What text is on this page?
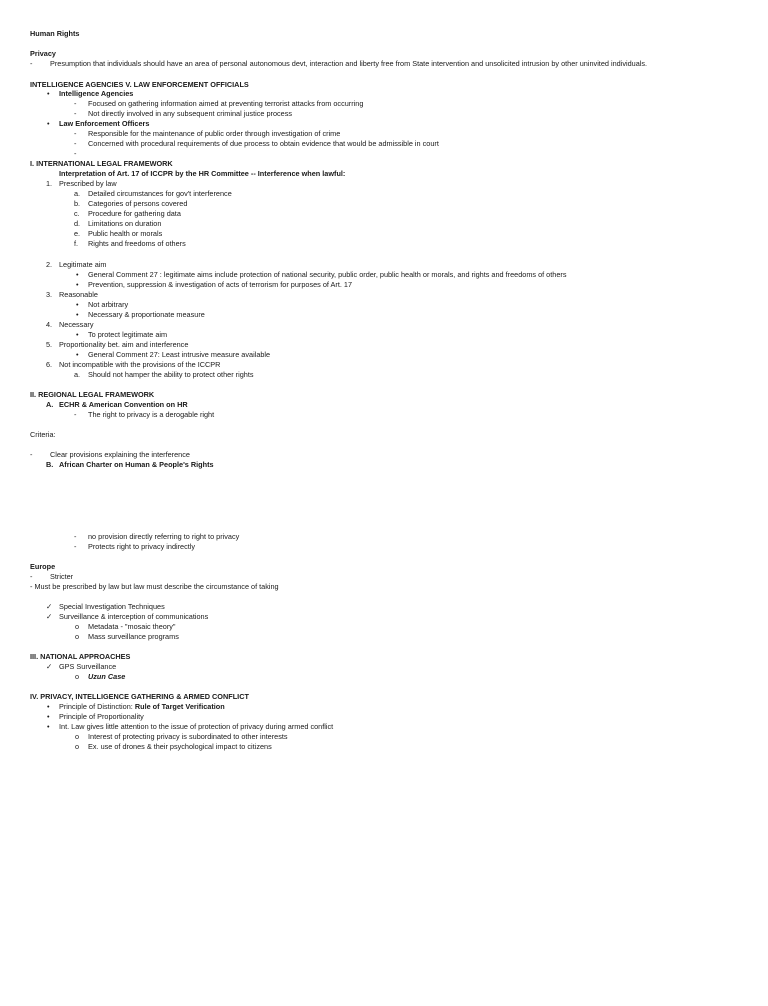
Human Rights
Privacy
- Presumption that individuals should have an area of personal autonomous devt, interaction and liberty free from State intervention and unsolicited intrusion by other uninvited individuals.
INTELLIGENCE AGENCIES V. LAW ENFORCEMENT OFFICIALS
• Intelligence Agencies
- Focused on gathering information aimed at preventing terrorist attacks from occurring
- Not directly involved in any subsequent criminal justice process
• Law Enforcement Officers
- Responsible for the maintenance of public order through investigation of crime
- Concerned with procedural requirements of due process to obtain evidence that would be admissible in court
-
I. INTERNATIONAL LEGAL FRAMEWORK
Interpretation of Art. 17 of ICCPR by the HR Committee -- Interference when lawful:
1. Prescribed by law
a. Detailed circumstances for gov't interference
b. Categories of persons covered
c. Procedure for gathering data
d. Limitations on duration
e. Public health or morals
f. Rights and freedoms of others
2. Legitimate aim
• General Comment 27 : legitimate aims include protection of national security, public order, public health or morals, and rights and freedoms of others
• Prevention, suppression & investigation of acts of terrorism for purposes of Art. 17
3. Reasonable
• Not arbitrary
• Necessary & proportionate measure
4. Necessary
• To protect legitimate aim
5. Proportionality bet. aim and interference
• General Comment 27: Least intrusive measure available
6. Not incompatible with the provisions of the ICCPR
a. Should not hamper the ability to protect other rights
II. REGIONAL LEGAL FRAMEWORK
A. ECHR & American Convention on HR
- The right to privacy is a derogable right
Criteria:
- Clear provisions explaining the interference
B. African Charter on Human & People's Rights
- no provision directly referring to right to privacy
- Protects right to privacy indirectly
Europe
- Stricter
- Must be prescribed by law but law must describe the circumstance of taking
✓ Special Investigation Techniques
✓ Surveillance & interception of communications
o Metadata - "mosaic theory"
o Mass surveillance programs
III. NATIONAL APPROACHES
✓ GPS Surveillance
o Uzun Case
IV. PRIVACY, INTELLIGENCE GATHERING & ARMED CONFLICT
• Principle of Distinction: Rule of Target Verification
• Principle of Proportionality
• Int. Law gives little attention to the issue of protection of privacy during armed conflict
o Interest of protecting privacy is subordinated to other interests
o Ex. use of drones & their psychological impact to citizens
